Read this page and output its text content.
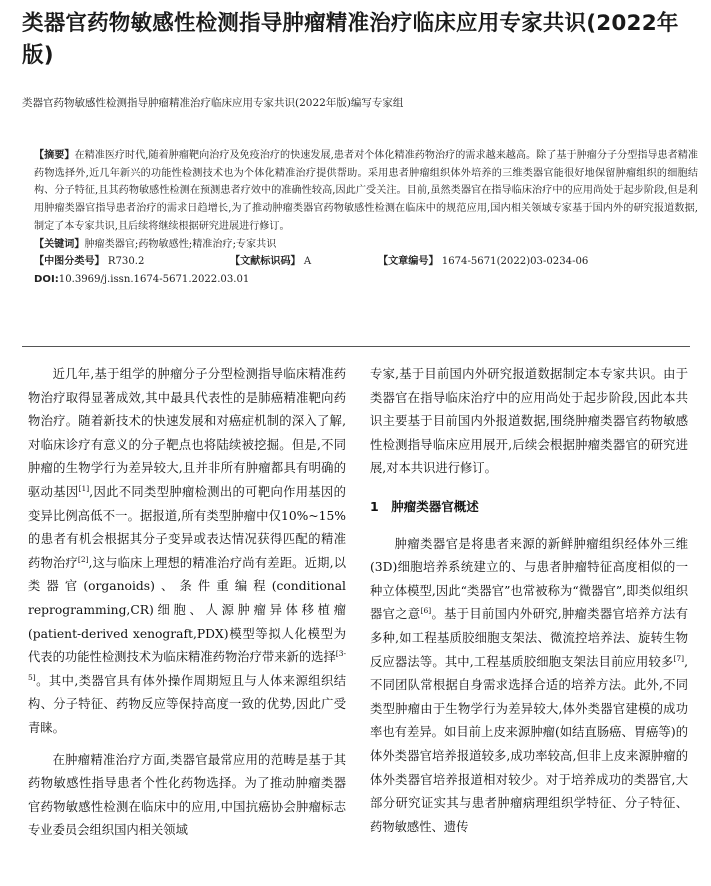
类器官药物敏感性检测指导肿瘤精准治疗临床应用专家共识(2022年版)
类器官药物敏感性检测指导肿瘤精准治疗临床应用专家共识(2022年版)编写专家组

【摘要】在精准医疗时代,随着肿瘤靶向治疗及免疫治疗的快速发展,患者对个体化精准药物治疗的需求越来越高。除了基于肿瘤分子分型指导患者精准药物选择外,近几年新兴的功能性检测技术也为个体化精准治疗提供帮助。采用患者肿瘤组织体外培养的三维类器官能很好地保留肿瘤组织的细胞结构、分子特征,且其药物敏感性检测在预测患者疗效中的准确性较高,因此广受关注。目前,虽然类器官在指导临床治疗中的应用尚处于起步阶段,但是利用肿瘤类器官指导患者治疗的需求日趋增长,为了推动肿瘤类器官药物敏感性检测在临床中的规范应用,国内相关领域专家基于国内外的研究报道数据,制定了本专家共识,且后续将继续根据研究进展进行修订。

【关键词】肿瘤类器官;药物敏感性;精准治疗;专家共识

【中图分类号】 R730.2	【文献标识码】 A	【文章编号】 1674-5671(2022)03-0234-06

DOI:10.3969/j.issn.1674-5671.2022.03.01

近几年,基于组学的肿瘤分子分型检测指导临床精准药物治疗取得显著成效,其中最具代表性的是肺癌精准靶向药物治疗。随着新技术的快速发展和对癌症机制的深入了解,对临床诊疗有意义的分子靶点也将陆续被挖掘。但是,不同肿瘤的生物学行为差异较大,且并非所有肿瘤都具有明确的驱动基因[1],因此不同类型肿瘤检测出的可靶向作用基因的变异比例高低不一。据报道,所有类型肿瘤中仅10%~15%的患者有机会根据其分子变异或表达情况获得匹配的精准药物治疗[2],这与临床上理想的精准治疗尚有差距。近期,以类器官(organoids)、条件重编程(conditional reprogramming,CR)细胞、人源肿瘤异体移植瘤(patient-derived xenograft,PDX)模型等拟人化模型为代表的功能性检测技术为临床精准药物治疗带来新的选择[3-5]。其中,类器官具有体外操作周期短且与人体来源组织结构、分子特征、药物反应等保持高度一致的优势,因此广受青睐。

在肿瘤精准治疗方面,类器官最常应用的范畴是基于其药物敏感性指导患者个性化药物选择。为了推动肿瘤类器官药物敏感性检测在临床中的应用,中国抗癌协会肿瘤标志专业委员会组织国内相关领域

专家,基于目前国内外研究报道数据制定本专家共识。由于类器官在指导临床治疗中的应用尚处于起步阶段,因此本共识主要基于目前国内外报道数据,围绕肿瘤类器官药物敏感性检测指导临床应用展开,后续会根据肿瘤类器官的研究进展,对本共识进行修订。

1　肿瘤类器官概述

肿瘤类器官是将患者来源的新鲜肿瘤组织经体外三维(3D)细胞培养系统建立的、与患者肿瘤特征高度相似的一种立体模型,因此“类器官”也常被称为“微器官”,即类似组织器官之意[6]。基于目前国内外研究,肿瘤类器官培养方法有多种,如工程基质胶细胞支架法、微流控培养法、旋转生物反应器法等。其中,工程基质胶细胞支架法目前应用较多[7],不同团队常根据自身需求选择合适的培养方法。此外,不同类型肿瘤由于生物学行为差异较大,体外类器官建模的成功率也有差异。如目前上皮来源肿瘤(如结直肠癌、胃癌等)的体外类器官培养报道较多,成功率较高,但非上皮来源肿瘤的体外类器官培养报道相对较少。对于培养成功的类器官,大部分研究证实其与患者肿瘤病理组织学特征、分子特征、药物敏感性、遗传
